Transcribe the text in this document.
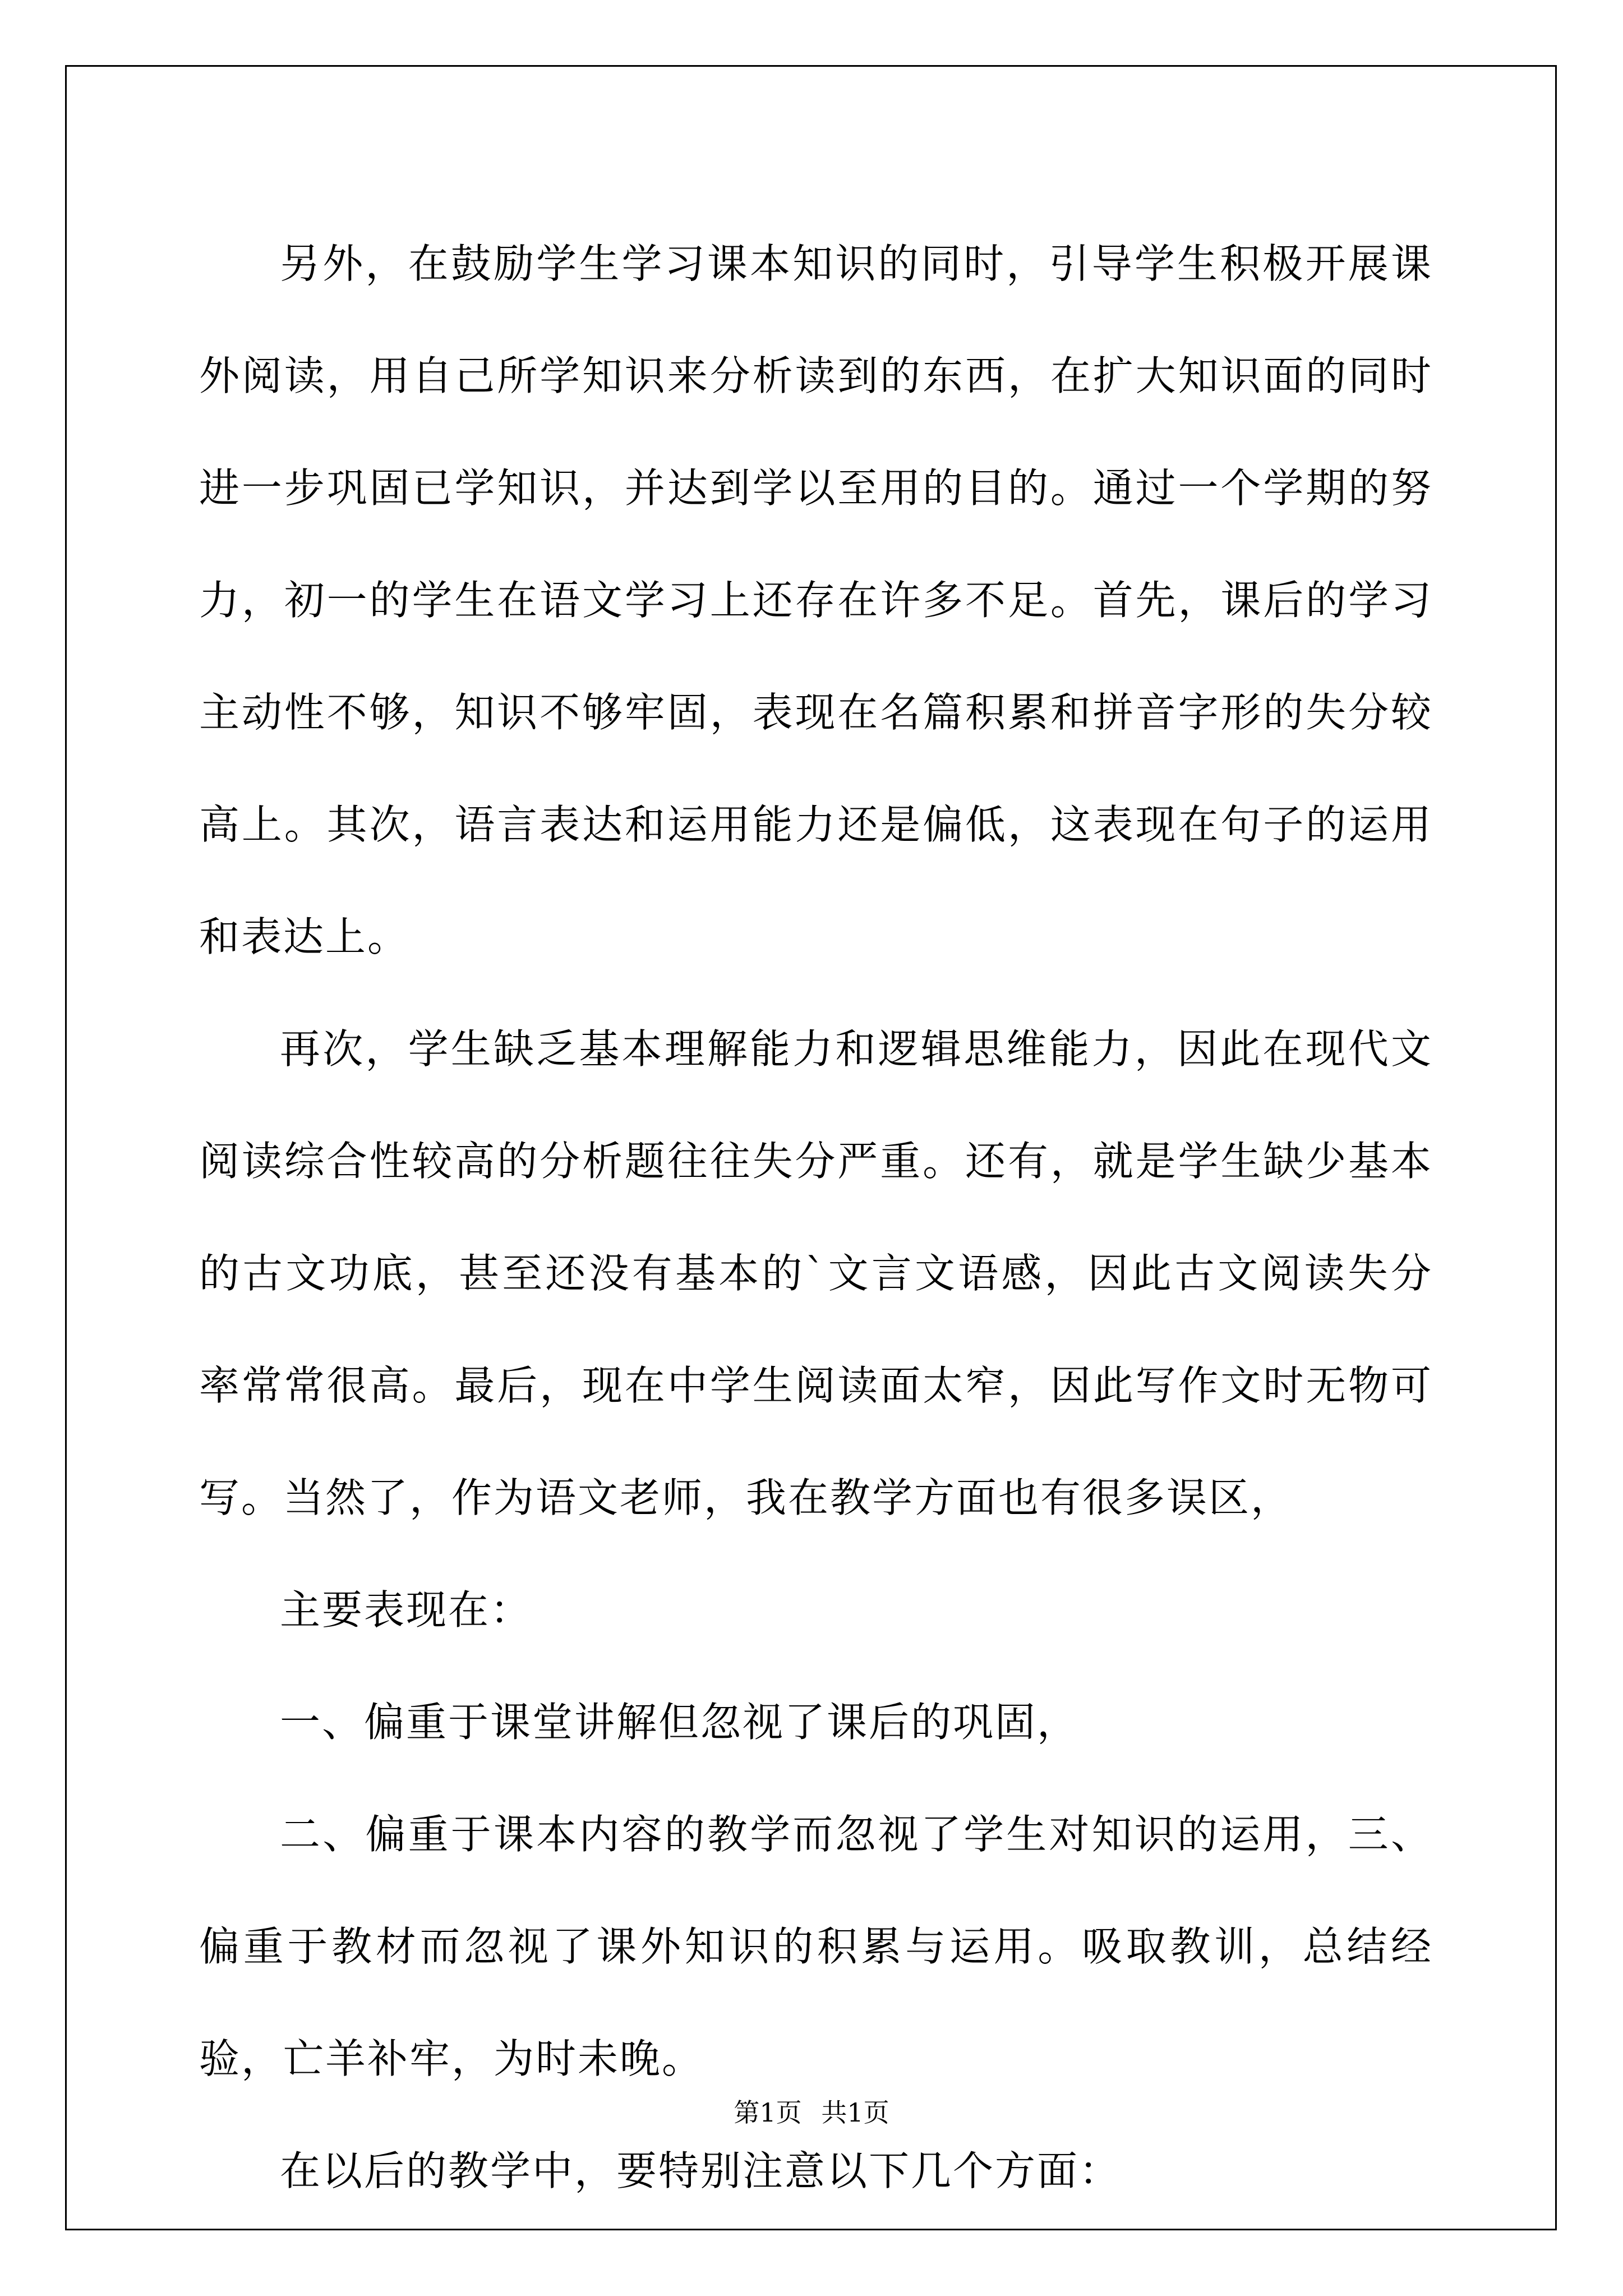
另外，在鼓励学生学习课本知识的同时，引导学生积极开展课外阅读，用自己所学知识来分析读到的东西，在扩大知识面的同时进一步巩固已学知识，并达到学以至用的目的。通过一个学期的努力，初一的学生在语文学习上还存在许多不足。首先，课后的学习主动性不够，知识不够牢固，表现在名篇积累和拼音字形的失分较高上。其次，语言表达和运用能力还是偏低，这表现在句子的运用和表达上。

再次，学生缺乏基本理解能力和逻辑思维能力，因此在现代文阅读综合性较高的分析题往往失分严重。还有，就是学生缺少基本的古文功底，甚至还没有基本的`文言文语感，因此古文阅读失分率常常很高。最后，现在中学生阅读面太窄，因此写作文时无物可写。当然了，作为语文老师，我在教学方面也有很多误区，

主要表现在：

一、偏重于课堂讲解但忽视了课后的巩固，

二、偏重于课本内容的教学而忽视了学生对知识的运用，三、偏重于教材而忽视了课外知识的积累与运用。吸取教训，总结经验，亡羊补牢，为时未晚。

在以后的教学中，要特别注意以下几个方面：

第1页 共1页
